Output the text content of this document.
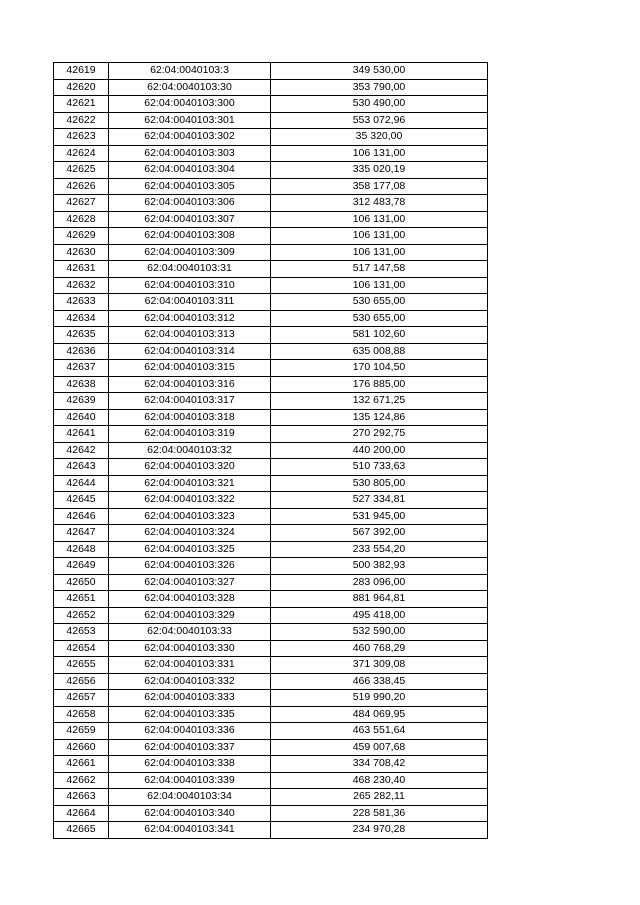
42619	62:04:0040103:3	349 530,00
42620	62:04:0040103:30	353 790,00
42621	62:04:0040103:300	530 490,00
42622	62:04:0040103:301	553 072,96
42623	62:04:0040103:302	35 320,00
42624	62:04:0040103:303	106 131,00
42625	62:04:0040103:304	335 020,19
42626	62:04:0040103:305	358 177,08
42627	62:04:0040103:306	312 483,78
42628	62:04:0040103:307	106 131,00
42629	62:04:0040103:308	106 131,00
42630	62:04:0040103:309	106 131,00
42631	62:04:0040103:31	517 147,58
42632	62:04:0040103:310	106 131,00
42633	62:04:0040103:311	530 655,00
42634	62:04:0040103:312	530 655,00
42635	62:04:0040103:313	581 102,60
42636	62:04:0040103:314	635 008,88
42637	62:04:0040103:315	170 104,50
42638	62:04:0040103:316	176 885,00
42639	62:04:0040103:317	132 671,25
42640	62:04:0040103:318	135 124,86
42641	62:04:0040103:319	270 292,75
42642	62:04:0040103:32	440 200,00
42643	62:04:0040103:320	510 733,63
42644	62:04:0040103:321	530 805,00
42645	62:04:0040103:322	527 334,81
42646	62:04:0040103:323	531 945,00
42647	62:04:0040103:324	567 392,00
42648	62:04:0040103:325	233 554,20
42649	62:04:0040103:326	500 382,93
42650	62:04:0040103:327	283 096,00
42651	62:04:0040103:328	881 964,81
42652	62:04:0040103:329	495 418,00
42653	62:04:0040103:33	532 590,00
42654	62:04:0040103:330	460 768,29
42655	62:04:0040103:331	371 309,08
42656	62:04:0040103:332	466 338,45
42657	62:04:0040103:333	519 990,20
42658	62:04:0040103:335	484 069,95
42659	62:04:0040103:336	463 551,64
42660	62:04:0040103:337	459 007,68
42661	62:04:0040103:338	334 708,42
42662	62:04:0040103:339	468 230,40
42663	62:04:0040103:34	265 282,11
42664	62:04:0040103:340	228 581,36
42665	62:04:0040103:341	234 970,28
